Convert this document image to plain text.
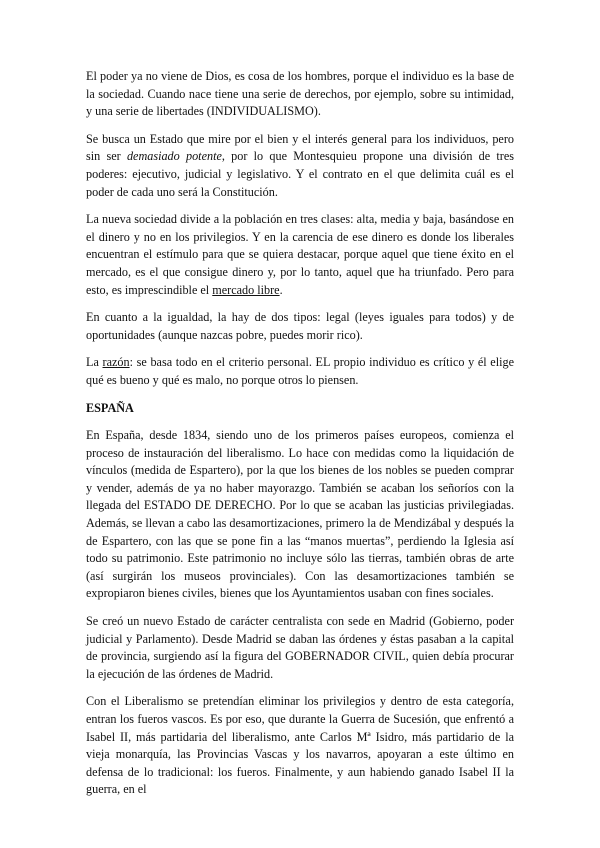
El poder ya no viene de Dios, es cosa de los hombres, porque el individuo es la base de la sociedad. Cuando nace tiene una serie de derechos, por ejemplo, sobre su intimidad, y una serie de libertades (INDIVIDUALISMO).

Se busca un Estado que mire por el bien y el interés general para los individuos, pero sin ser demasiado potente, por lo que Montesquieu propone una división de tres poderes: ejecutivo, judicial y legislativo. Y el contrato en el que delimita cuál es el poder de cada uno será la Constitución.

La nueva sociedad divide a la población en tres clases: alta, media y baja, basándose en el dinero y no en los privilegios. Y en la carencia de ese dinero es donde los liberales encuentran el estímulo para que se quiera destacar, porque aquel que tiene éxito en el mercado, es el que consigue dinero y, por lo tanto, aquel que ha triunfado. Pero para esto, es imprescindible el mercado libre.

En cuanto a la igualdad, la hay de dos tipos: legal (leyes iguales para todos) y de oportunidades (aunque nazcas pobre, puedes morir rico).

La razón: se basa todo en el criterio personal. EL propio individuo es crítico y él elige qué es bueno y qué es malo, no porque otros lo piensen.

ESPAÑA

En España, desde 1834, siendo uno de los primeros países europeos, comienza el proceso de instauración del liberalismo. Lo hace con medidas como la liquidación de vínculos (medida de Espartero), por la que los bienes de los nobles se pueden comprar y vender, además de ya no haber mayorazgo. También se acaban los señoríos con la llegada del ESTADO DE DERECHO. Por lo que se acaban las justicias privilegiadas. Además, se llevan a cabo las desamortizaciones, primero la de Mendizábal y después la de Espartero, con las que se pone fin a las “manos muertas”, perdiendo la Iglesia así todo su patrimonio. Este patrimonio no incluye sólo las tierras, también obras de arte (así surgirán los museos provinciales). Con las desamortizaciones también se expropiaron bienes civiles, bienes que los Ayuntamientos usaban con fines sociales.

Se creó un nuevo Estado de carácter centralista con sede en Madrid (Gobierno, poder judicial y Parlamento). Desde Madrid se daban las órdenes y éstas pasaban a la capital de provincia, surgiendo así la figura del GOBERNADOR CIVIL, quien debía procurar la ejecución de las órdenes de Madrid.

Con el Liberalismo se pretendían eliminar los privilegios y dentro de esta categoría, entran los fueros vascos. Es por eso, que durante la Guerra de Sucesión, que enfrentó a Isabel II, más partidaria del liberalismo, ante Carlos Mª Isidro, más partidario de la vieja monarquía, las Provincias Vascas y los navarros, apoyaran a este último en defensa de lo tradicional: los fueros. Finalmente, y aun habiendo ganado Isabel II la guerra, en el
